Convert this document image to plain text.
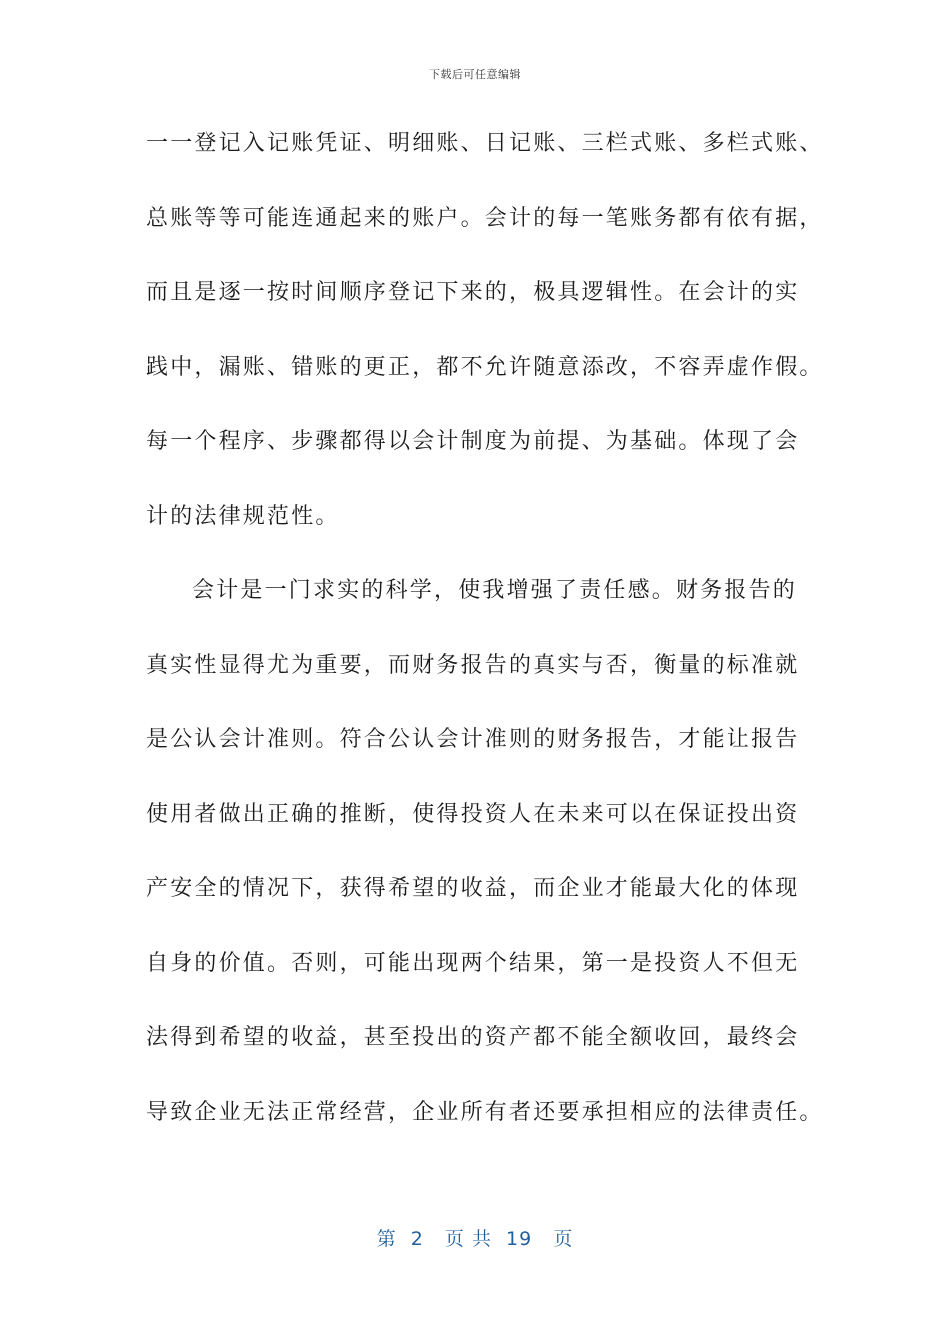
下载后可任意编辑
一一登记入记账凭证、明细账、日记账、三栏式账、多栏式账、
总账等等可能连通起来的账户。会计的每一笔账务都有依有据，
而且是逐一按时间顺序登记下来的，极具逻辑性。在会计的实
践中，漏账、错账的更正，都不允许随意添改，不容弄虚作假。
每一个程序、步骤都得以会计制度为前提、为基础。体现了会
计的法律规范性。
会计是一门求实的科学，使我增强了责任感。财务报告的
真实性显得尤为重要，而财务报告的真实与否，衡量的标准就
是公认会计准则。符合公认会计准则的财务报告，才能让报告
使用者做出正确的推断，使得投资人在未来可以在保证投出资
产安全的情况下，获得希望的收益，而企业才能最大化的体现
自身的价值。否则，可能出现两个结果，第一是投资人不但无
法得到希望的收益，甚至投出的资产都不能全额收回，最终会
导致企业无法正常经营，企业所有者还要承担相应的法律责任。
第  2   页 共  19   页
